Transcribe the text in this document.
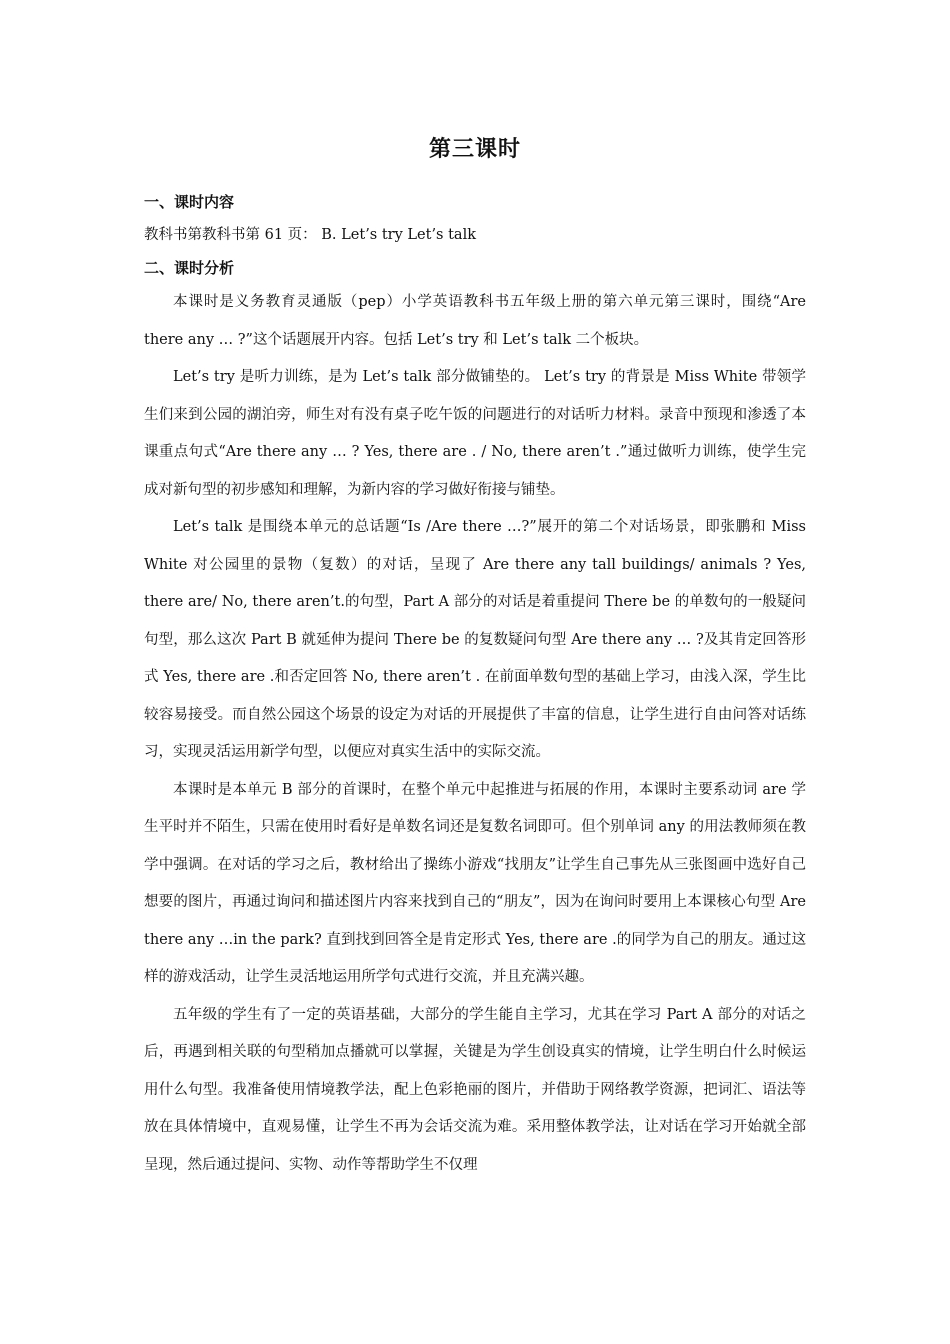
第三课时

一、课时内容

教科书第教科书第 61 页： B. Let’s try Let’s talk

二、课时分析

本课时是义务教育灵通版（pep）小学英语教科书五年级上册的第六单元第三课时，围绕“Are there any … ?”这个话题展开内容。包括 Let’s try 和 Let’s talk 二个板块。

Let’s try 是听力训练，是为 Let’s talk 部分做铺垫的。 Let’s try 的背景是 Miss White 带领学生们来到公园的湖泊旁，师生对有没有桌子吃午饭的问题进行的对话听力材料。录音中预现和渗透了本课重点句式“Are there any … ? Yes, there are . / No, there aren’t .”通过做听力训练，使学生完成对新句型的初步感知和理解，为新内容的学习做好衔接与铺垫。

Let’s talk 是围绕本单元的总话题“Is /Are there …?”展开的第二个对话场景，即张鹏和 Miss White 对公园里的景物（复数）的对话，呈现了 Are there any tall buildings/ animals ? Yes, there are/ No, there aren’t.的句型，Part A 部分的对话是着重提问 There be 的单数句的一般疑问句型，那么这次 Part B 就延伸为提问 There be 的复数疑问句型 Are there any … ?及其肯定回答形式 Yes, there are .和否定回答 No, there aren’t . 在前面单数句型的基础上学习，由浅入深，学生比较容易接受。而自然公园这个场景的设定为对话的开展提供了丰富的信息，让学生进行自由问答对话练习，实现灵活运用新学句型，以便应对真实生活中的实际交流。

本课时是本单元 B 部分的首课时，在整个单元中起推进与拓展的作用，本课时主要系动词 are 学生平时并不陌生，只需在使用时看好是单数名词还是复数名词即可。但个别单词 any 的用法教师须在教学中强调。在对话的学习之后，教材给出了操练小游戏“找朋友”让学生自己事先从三张图画中选好自己想要的图片，再通过询问和描述图片内容来找到自己的“朋友”，因为在询问时要用上本课核心句型 Are there any …in the park? 直到找到回答全是肯定形式 Yes, there are .的同学为自己的朋友。通过这样的游戏活动，让学生灵活地运用所学句式进行交流，并且充满兴趣。

五年级的学生有了一定的英语基础，大部分的学生能自主学习，尤其在学习 Part A 部分的对话之后，再遇到相关联的句型稍加点播就可以掌握，关键是为学生创设真实的情境，让学生明白什么时候运用什么句型。我准备使用情境教学法，配上色彩艳丽的图片，并借助于网络教学资源，把词汇、语法等放在具体情境中，直观易懂，让学生不再为会话交流为难。采用整体教学法，让对话在学习开始就全部呈现，然后通过提问、实物、动作等帮助学生不仅理
